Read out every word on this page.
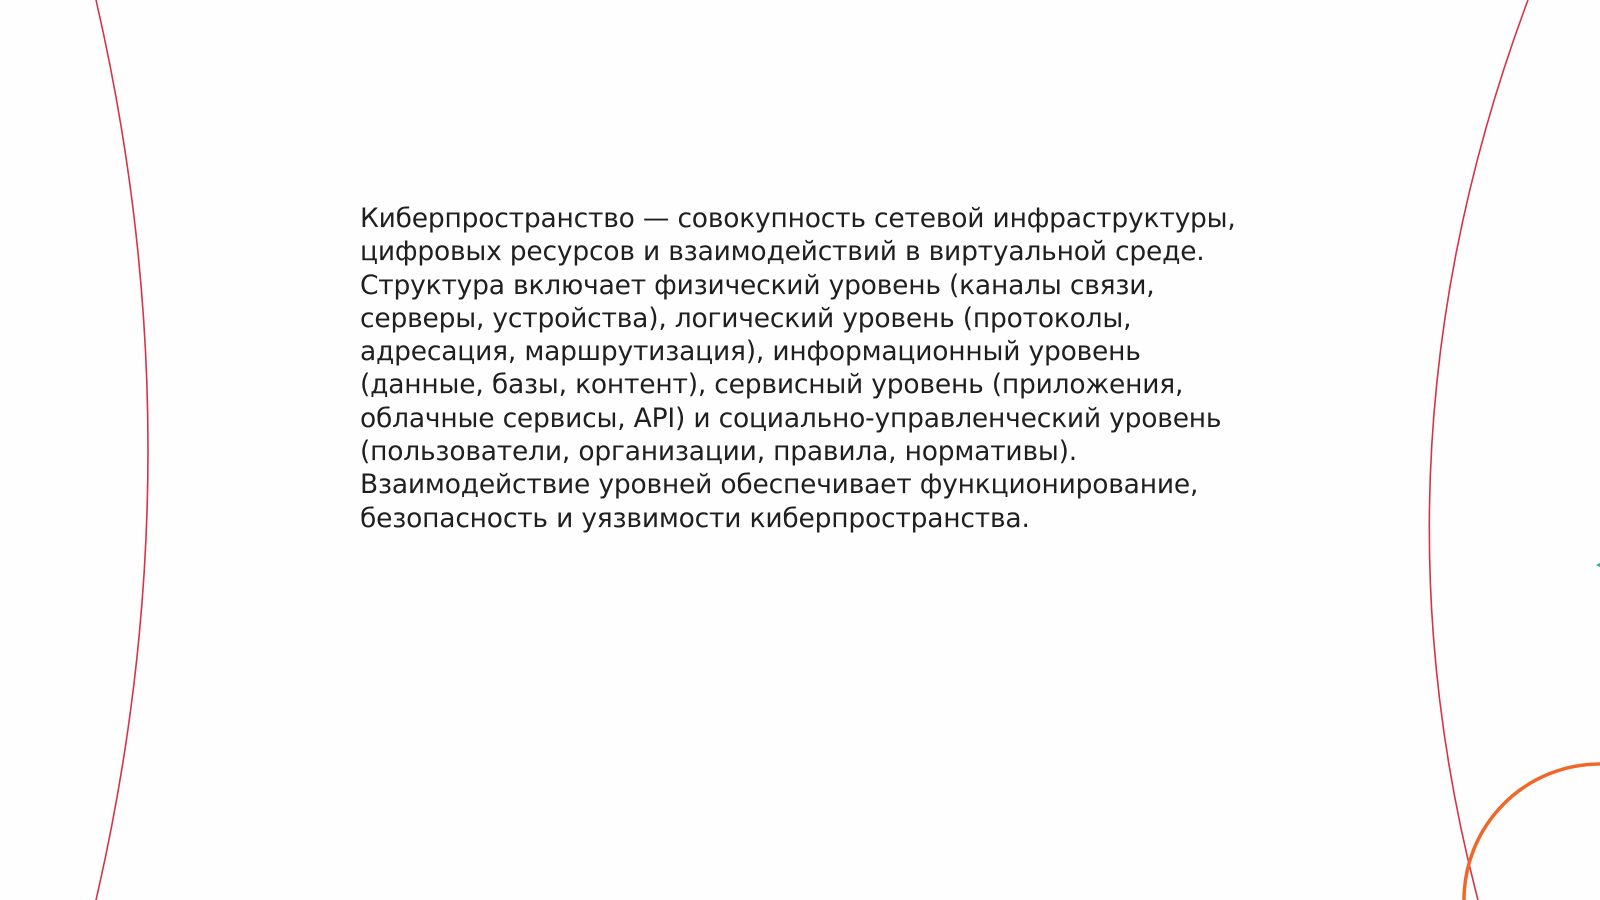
Киберпространство — совокупность сетевой инфраструктуры,
цифровых ресурсов и взаимодействий в виртуальной среде.
Структура включает физический уровень (каналы связи,
серверы, устройства), логический уровень (протоколы,
адресация, маршрутизация), информационный уровень
(данные, базы, контент), сервисный уровень (приложения,
облачные сервисы, API) и социально-управленческий уровень
(пользователи, организации, правила, нормативы).
Взаимодействие уровней обеспечивает функционирование,
безопасность и уязвимости киберпространства.
